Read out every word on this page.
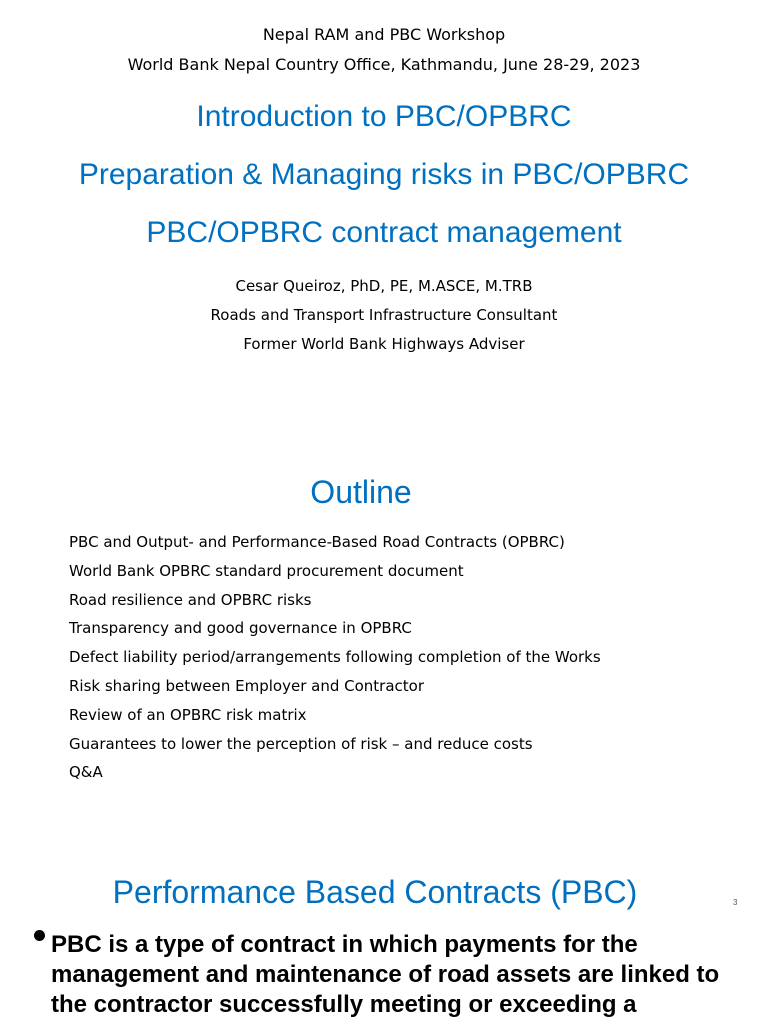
Nepal RAM and PBC Workshop
World Bank Nepal Country Office, Kathmandu, June 28-29, 2023
Introduction to PBC/OPBRC
Preparation & Managing risks in PBC/OPBRC
PBC/OPBRC contract management
Cesar Queiroz, PhD, PE, M.ASCE, M.TRB
Roads and Transport Infrastructure Consultant
Former World Bank Highways Adviser
Outline
PBC and Output- and Performance-Based Road Contracts (OPBRC)
World Bank OPBRC standard procurement document
Road resilience and OPBRC risks
Transparency and good governance in OPBRC
Defect liability period/arrangements following completion of the Works
Risk sharing between Employer and Contractor
Review of an OPBRC risk matrix
Guarantees to lower the perception of risk – and reduce costs
Q&A
Performance Based Contracts (PBC)	3
PBC is a type of contract in which payments for the management and maintenance of road assets are linked to the contractor successfully meeting or exceeding a
